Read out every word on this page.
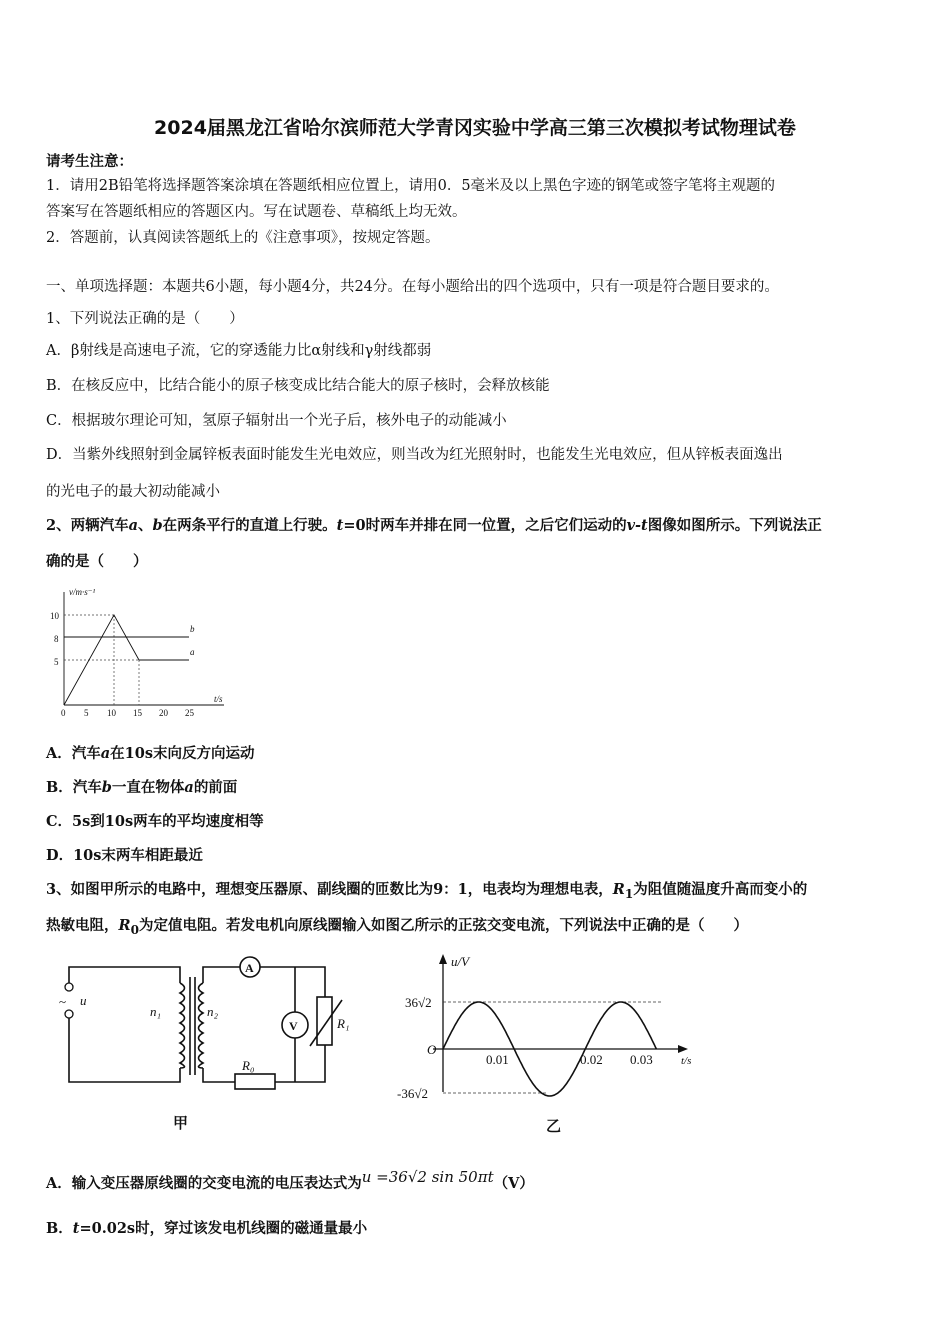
2024届黑龙江省哈尔滨师范大学青冈实验中学高三第三次模拟考试物理试卷
请考生注意：
1．请用2B铅笔将选择题答案涂填在答题纸相应位置上，请用0．5毫米及以上黑色字迹的钢笔或签字笔将主观题的
答案写在答题纸相应的答题区内。写在试题卷、草稿纸上均无效。
2．答题前，认真阅读答题纸上的《注意事项》，按规定答题。
一、单项选择题：本题共6小题，每小题4分，共24分。在每小题给出的四个选项中，只有一项是符合题目要求的。
1、下列说法正确的是（　　）
A．β射线是高速电子流，它的穿透能力比α射线和γ射线都弱
B．在核反应中，比结合能小的原子核变成比结合能大的原子核时，会释放核能
C．根据玻尔理论可知，氢原子辐射出一个光子后，核外电子的动能减小
D．当紫外线照射到金属锌板表面时能发生光电效应，则当改为红光照射时，也能发生光电效应，但从锌板表面逸出
的光电子的最大初动能减小
2、两辆汽车a、b在两条平行的直道上行驶。t=0时两车并排在同一位置，之后它们运动的v-t图像如图所示。下列说法正
确的是（　　）
v/m·s⁻¹
t/s
10
8
5
0 5 10 15 20 25
b
a
A．汽车a在10s末向反方向运动
B．汽车b一直在物体a的前面
C．5s到10s两车的平均速度相等
D．10s末两车相距最近
3、如图甲所示的电路中，理想变压器原、副线圈的匝数比为9：1，电表均为理想电表，$R_1$为阻值随温度升高而变小的
热敏电阻，$R_0$为定值电阻。若发电机向原线圈输入如图乙所示的正弦交变电流，下列说法中正确的是（　　）
~ u
n₁	n₂
A
V	R₁
R₀
甲
u/V
t/s
O
36√2
-36√2
0.01	0.02 0.03
乙
A．输入变压器原线圈的交变电流的电压表达式为u =36√2 sin 50πt（V）
B．t=0.02s时，穿过该发电机线圈的磁通量最小
